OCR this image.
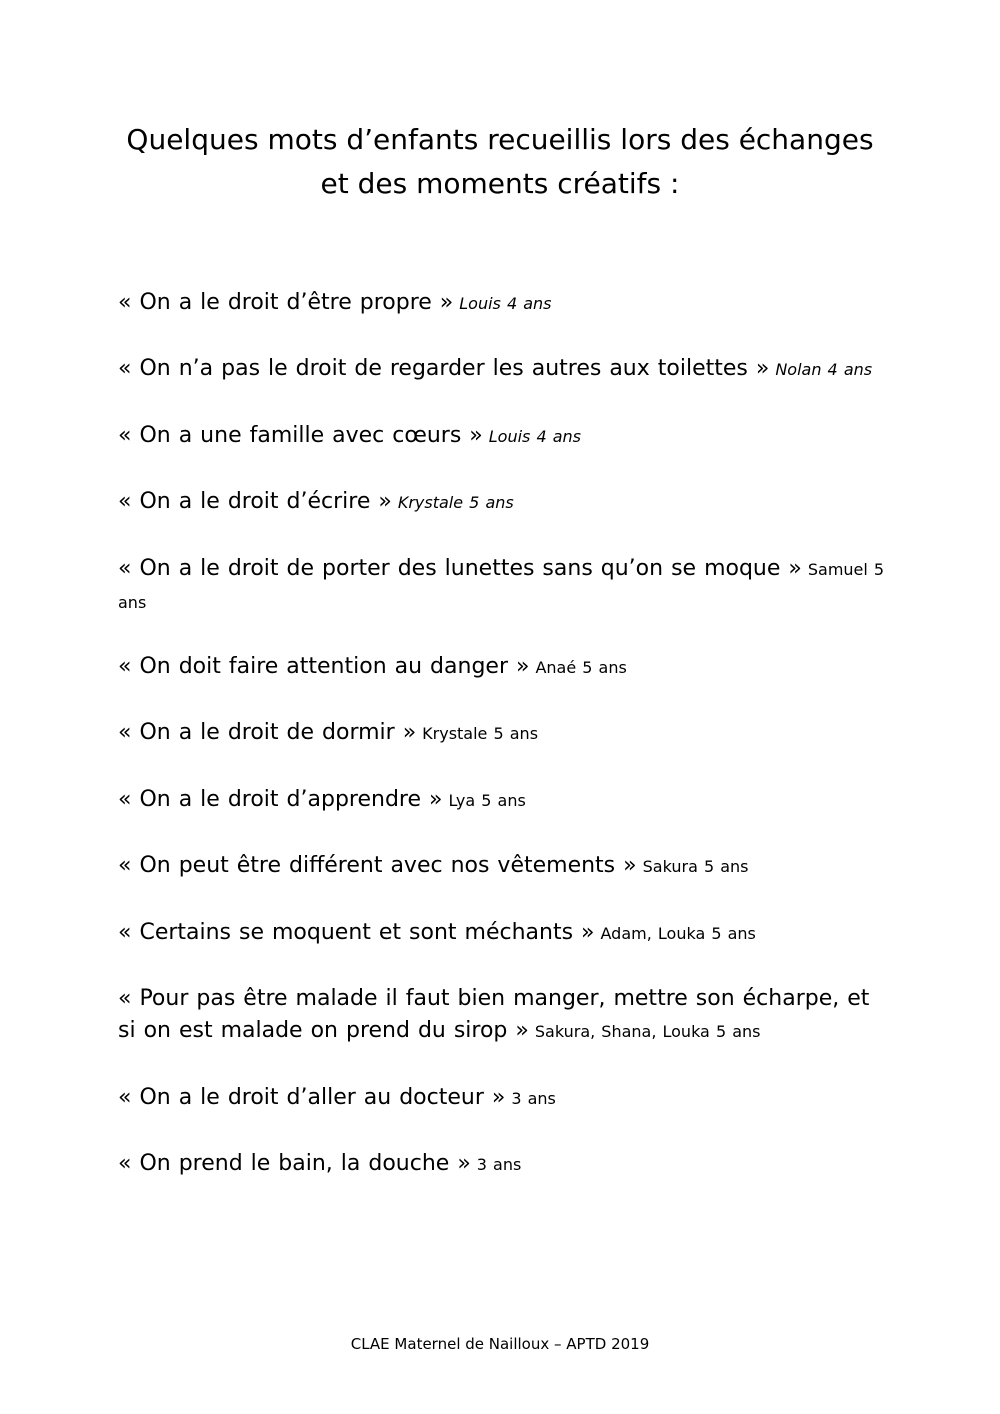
Quelques mots d’enfants recueillis lors des échanges
et des moments créatifs :
« On a le droit d’être propre » Louis 4 ans
« On n’a pas le droit de regarder les autres aux toilettes » Nolan 4 ans
« On a une famille avec cœurs » Louis 4 ans
« On a le droit d’écrire » Krystale 5 ans
« On a le droit de porter des lunettes sans qu’on se moque » Samuel 5 ans
« On doit faire attention au danger » Anaé 5 ans
« On a le droit de dormir » Krystale 5 ans
« On a le droit d’apprendre » Lya 5 ans
« On peut être différent avec nos vêtements » Sakura 5 ans
« Certains se moquent et sont méchants » Adam, Louka 5 ans
« Pour pas être malade il faut bien manger, mettre son écharpe, et si on est malade on prend du sirop » Sakura, Shana, Louka 5 ans
« On a le droit d’aller au docteur » 3 ans
« On prend le bain, la douche » 3 ans
CLAE Maternel de Nailloux – APTD 2019
